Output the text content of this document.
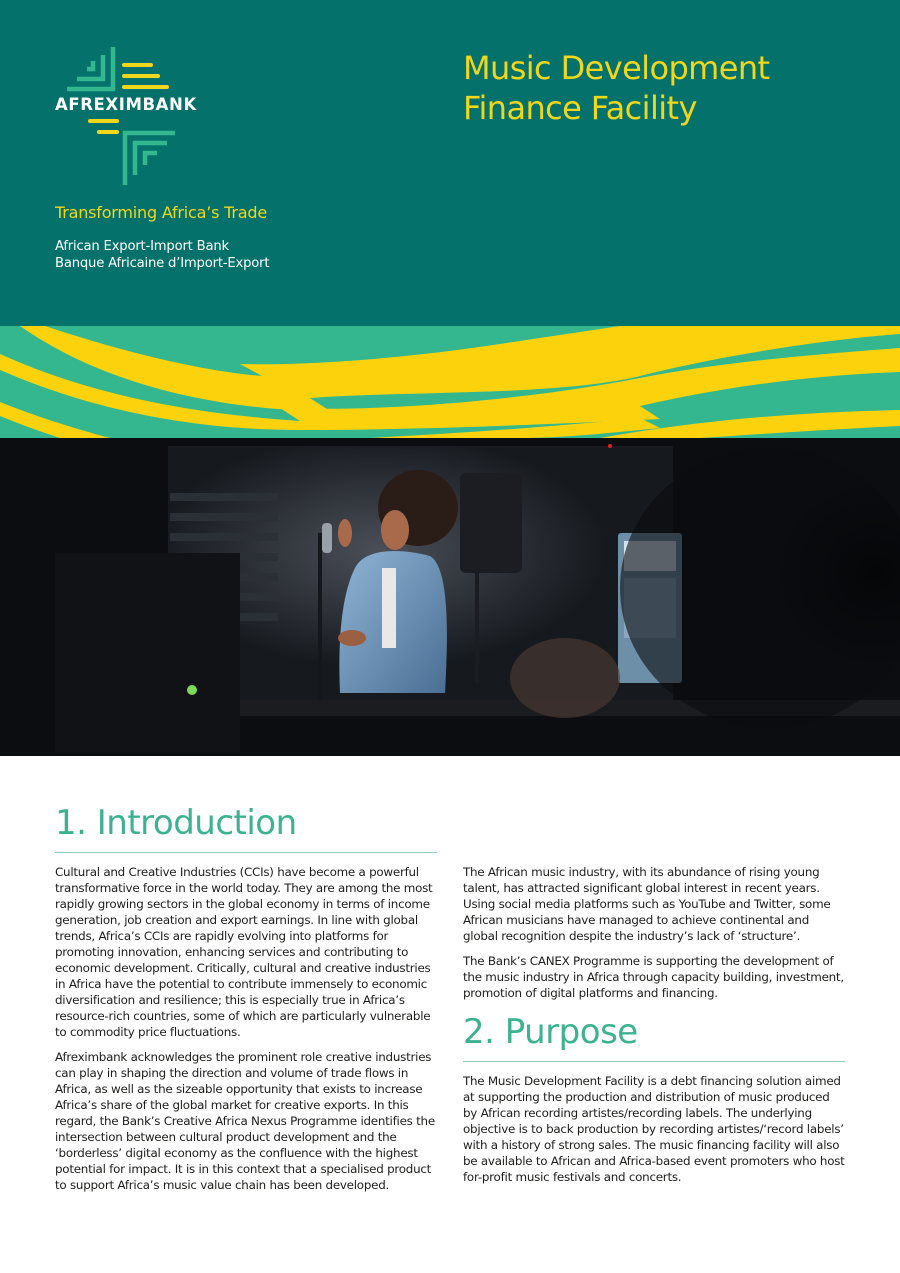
AFREXIMBANK
Transforming Africa’s Trade
African Export-Import Bank
Banque Africaine d’Import-Export
Music Development
Finance Facility
1. Introduction

Cultural and Creative Industries (CCIs) have become a powerful transformative force in the world today. They are among the most rapidly growing sectors in the global economy in terms of income generation, job creation and export earnings. In line with global trends, Africa’s CCIs are rapidly evolving into platforms for promoting innovation, enhancing services and contributing to economic development. Critically, cultural and creative industries in Africa have the potential to contribute immensely to economic diversification and resilience; this is especially true in Africa’s resource-rich countries, some of which are particularly vulnerable to commodity price fluctuations.

Afreximbank acknowledges the prominent role creative industries can play in shaping the direction and volume of trade flows in Africa, as well as the sizeable opportunity that exists to increase Africa’s share of the global market for creative exports. In this regard, the Bank’s Creative Africa Nexus Programme identifies the intersection between cultural product development and the ‘borderless’ digital economy as the confluence with the highest potential for impact. It is in this context that a specialised product to support Africa’s music value chain has been developed.

The African music industry, with its abundance of rising young talent, has attracted significant global interest in recent years. Using social media platforms such as YouTube and Twitter, some African musicians have managed to achieve continental and global recognition despite the industry’s lack of ‘structure’.

The Bank’s CANEX Programme is supporting the development of the music industry in Africa through capacity building, investment, promotion of digital platforms and financing.

2. Purpose

The Music Development Facility is a debt financing solution aimed at supporting the production and distribution of music produced by African recording artistes/recording labels. The underlying objective is to back production by recording artistes/‘record labels’ with a history of strong sales. The music financing facility will also be available to African and Africa-based event promoters who host for-profit music festivals and concerts.
